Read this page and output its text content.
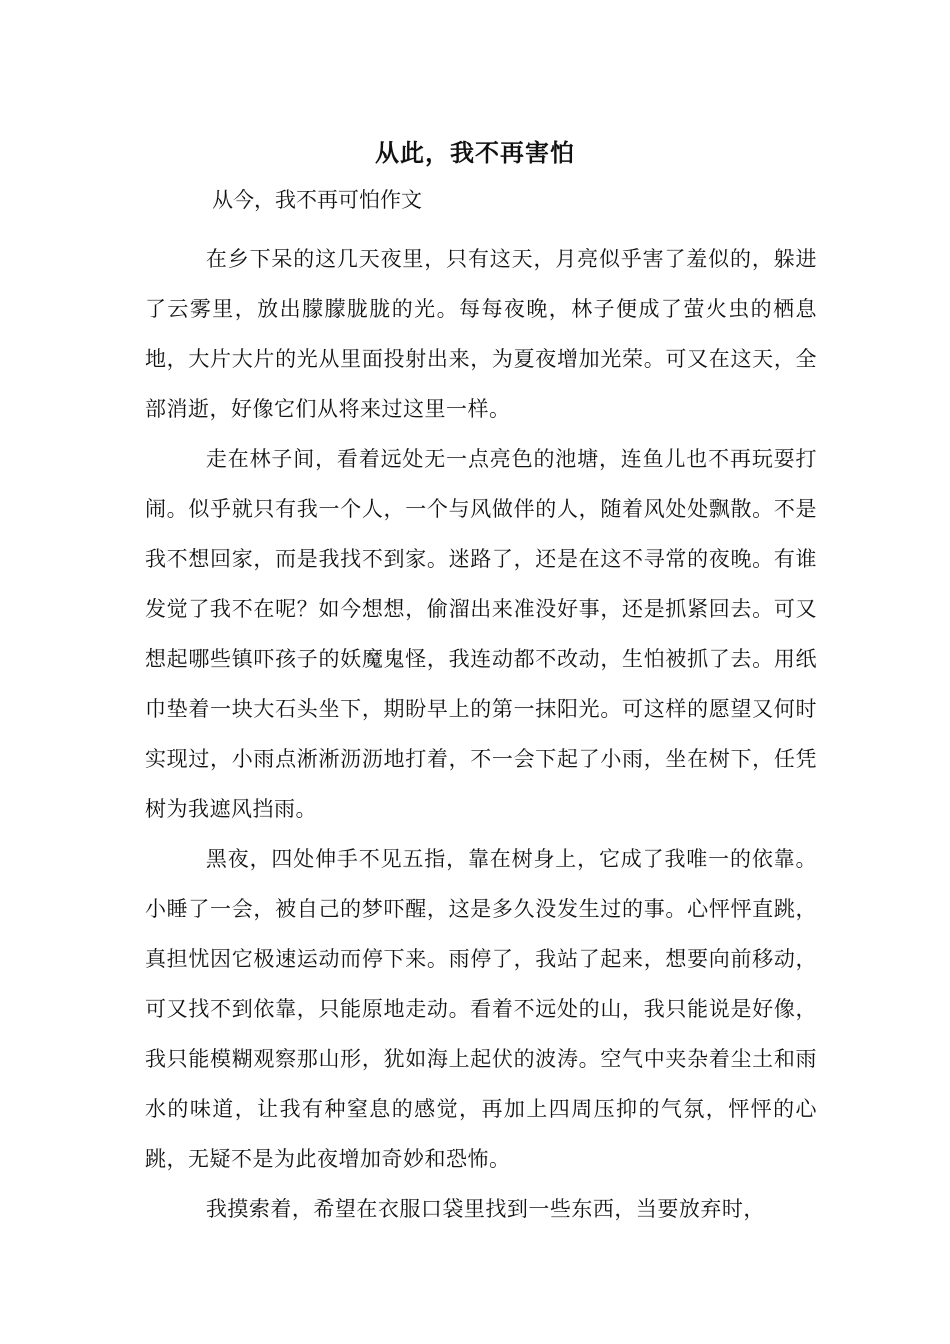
从此，我不再害怕
从今，我不再可怕作文

在乡下呆的这几天夜里，只有这天，月亮似乎害了羞似的，躲进了云雾里，放出朦朦胧胧的光。每每夜晚，林子便成了萤火虫的栖息地，大片大片的光从里面投射出来，为夏夜增加光荣。可又在这天，全部消逝，好像它们从将来过这里一样。

走在林子间，看着远处无一点亮色的池塘，连鱼儿也不再玩耍打闹。似乎就只有我一个人，一个与风做伴的人，随着风处处飘散。不是我不想回家，而是我找不到家。迷路了，还是在这不寻常的夜晚。有谁发觉了我不在呢？如今想想，偷溜出来准没好事，还是抓紧回去。可又想起哪些镇吓孩子的妖魔鬼怪，我连动都不改动，生怕被抓了去。用纸巾垫着一块大石头坐下，期盼早上的第一抹阳光。可这样的愿望又何时实现过，小雨点淅淅沥沥地打着，不一会下起了小雨，坐在树下，任凭树为我遮风挡雨。

黑夜，四处伸手不见五指，靠在树身上，它成了我唯一的依靠。小睡了一会，被自己的梦吓醒，这是多久没发生过的事。心怦怦直跳，真担忧因它极速运动而停下来。雨停了，我站了起来，想要向前移动，可又找不到依靠，只能原地走动。看着不远处的山，我只能说是好像，我只能模糊观察那山形，犹如海上起伏的波涛。空气中夹杂着尘土和雨水的味道，让我有种窒息的感觉，再加上四周压抑的气氛，怦怦的心跳，无疑不是为此夜增加奇妙和恐怖。

我摸索着，希望在衣服口袋里找到一些东西，当要放弃时，
